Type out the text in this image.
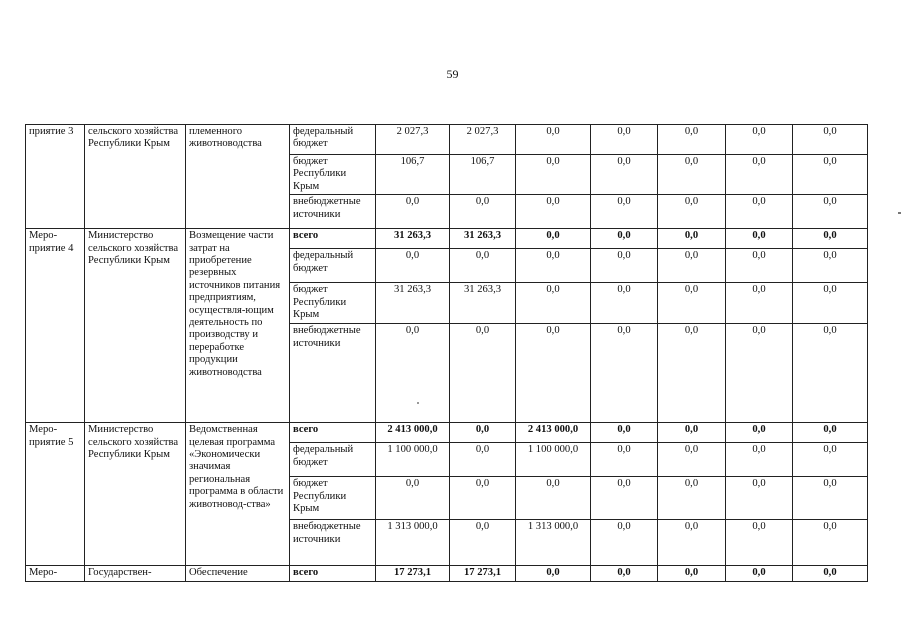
59
приятие 3	сельского хозяйства Республики Крым	племенного животноводства	федеральный бюджет	2 027,3	2 027,3	0,0	0,0	0,0	0,0	0,0
			бюджет Республики Крым	106,7	106,7	0,0	0,0	0,0	0,0	0,0
			внебюджетные источники	0,0	0,0	0,0	0,0	0,0	0,0	0,0
Меро-приятие 4	Министерство сельского хозяйства Республики Крым	Возмещение части затрат на приобретение резервных источников питания предприятиям, осуществля-ющим деятельность по производству и переработке продукции животноводства	всего	31 263,3	31 263,3	0,0	0,0	0,0	0,0	0,0
			федеральный бюджет	0,0	0,0	0,0	0,0	0,0	0,0	0,0
			бюджет Республики Крым	31 263,3	31 263,3	0,0	0,0	0,0	0,0	0,0
			внебюджетные источники	0,0	0,0	0,0	0,0	0,0	0,0	0,0
Меро-приятие 5	Министерство сельского хозяйства Республики Крым	Ведомственная целевая программа «Экономически значимая региональная программа в области животновод-ства»	всего	2 413 000,0	0,0	2 413 000,0	0,0	0,0	0,0	0,0
			федеральный бюджет	1 100 000,0	0,0	1 100 000,0	0,0	0,0	0,0	0,0
			бюджет Республики Крым	0,0	0,0	0,0	0,0	0,0	0,0	0,0
			внебюджетные источники	1 313 000,0	0,0	1 313 000,0	0,0	0,0	0,0	0,0
Меро-	Государствен-	Обеспечение	всего	17 273,1	17 273,1	0,0	0,0	0,0	0,0	0,0
